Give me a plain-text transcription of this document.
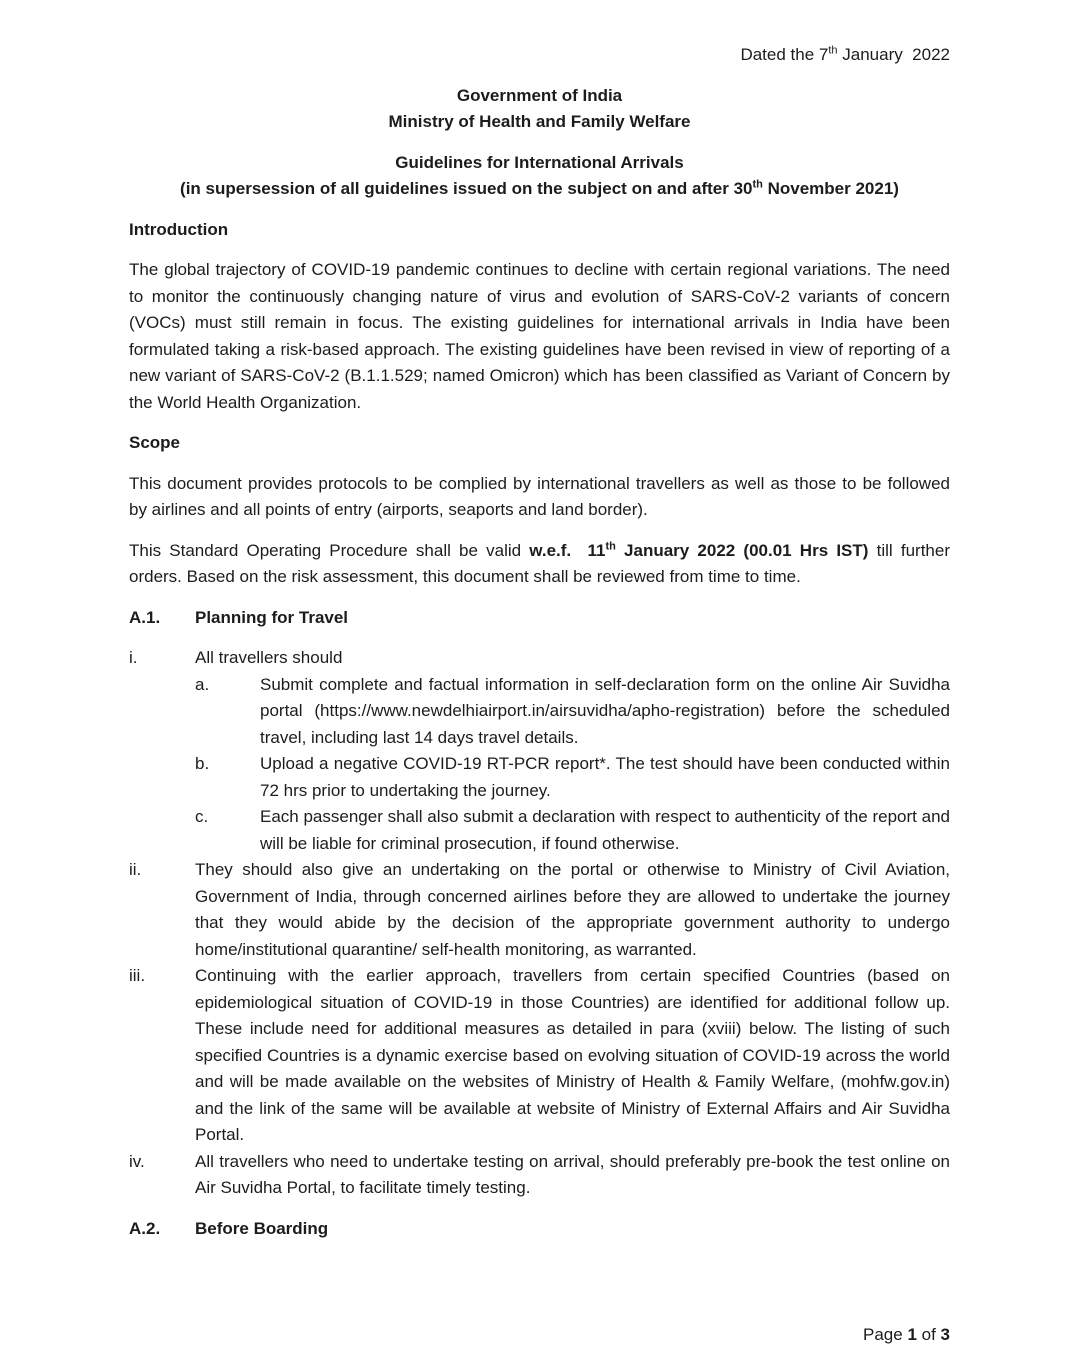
Dated the 7th January  2022
Government of India
Ministry of Health and Family Welfare
Guidelines for International Arrivals
(in supersession of all guidelines issued on the subject on and after 30th November 2021)
Introduction

The global trajectory of COVID-19 pandemic continues to decline with certain regional variations. The need to monitor the continuously changing nature of virus and evolution of SARS-CoV-2 variants of concern (VOCs) must still remain in focus. The existing guidelines for international arrivals in India have been formulated taking a risk-based approach. The existing guidelines have been revised in view of reporting of a new variant of SARS-CoV-2 (B.1.1.529; named Omicron) which has been classified as Variant of Concern by the World Health Organization.

Scope

This document provides protocols to be complied by international travellers as well as those to be followed by airlines and all points of entry (airports, seaports and land border).

This Standard Operating Procedure shall be valid w.e.f.  11th January 2022 (00.01 Hrs IST) till further orders. Based on the risk assessment, this document shall be reviewed from time to time.

A.1. Planning for Travel
i.	All travellers should
a.	Submit complete and factual information in self-declaration form on the online Air Suvidha portal (https://www.newdelhiairport.in/airsuvidha/apho-registration) before the scheduled travel, including last 14 days travel details.
b.	Upload a negative COVID-19 RT-PCR report*. The test should have been conducted within 72 hrs prior to undertaking the journey.
c.	Each passenger shall also submit a declaration with respect to authenticity of the report and will be liable for criminal prosecution, if found otherwise.
ii.	They should also give an undertaking on the portal or otherwise to Ministry of Civil Aviation, Government of India, through concerned airlines before they are allowed to undertake the journey that they would abide by the decision of the appropriate government authority to undergo home/institutional quarantine/ self-health monitoring, as warranted.
iii.	Continuing with the earlier approach, travellers from certain specified Countries (based on epidemiological situation of COVID-19 in those Countries) are identified for additional follow up. These include need for additional measures as detailed in para (xviii) below. The listing of such specified Countries is a dynamic exercise based on evolving situation of COVID-19 across the world and will be made available on the websites of Ministry of Health & Family Welfare, (mohfw.gov.in) and the link of the same will be available at website of Ministry of External Affairs and Air Suvidha Portal.
iv.	All travellers who need to undertake testing on arrival, should preferably pre-book the test online on Air Suvidha Portal, to facilitate timely testing.
A.2. Before Boarding
Page 1 of 3
